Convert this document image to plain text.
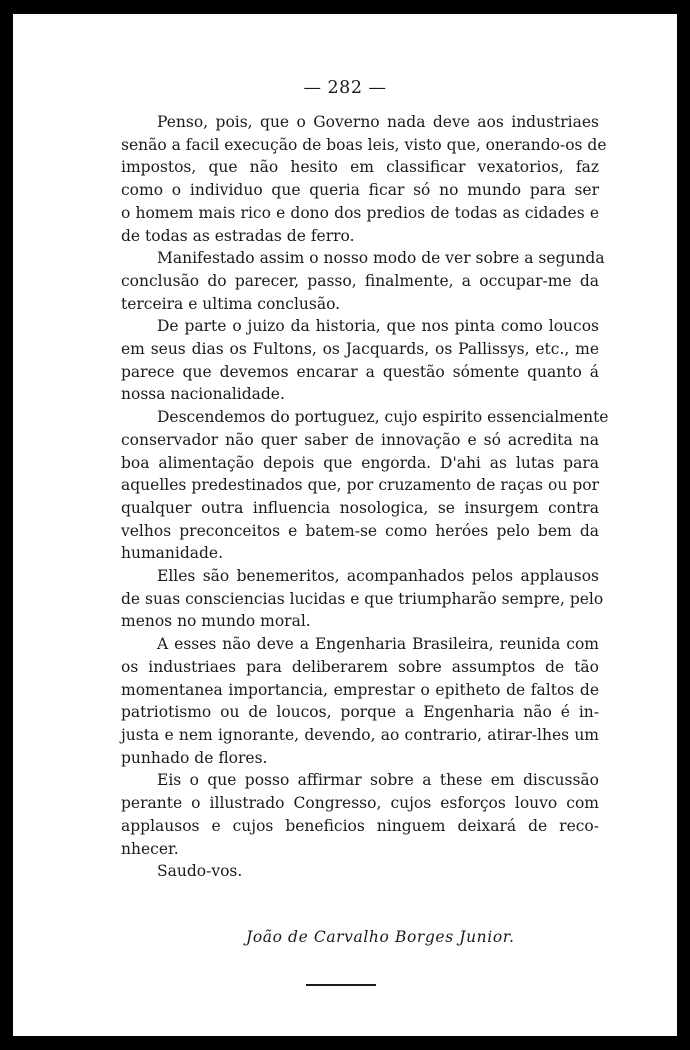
— 282 —

Penso, pois, que o Governo nada deve aos industriaes
senão a facil execução de boas leis, visto que, onerando-os de
impostos, que não hesito em classificar vexatorios, faz
como o individuo que queria ficar só no mundo para ser
o homem mais rico e dono dos predios de todas as cidades e
de todas as estradas de ferro.

Manifestado assim o nosso modo de ver sobre a segunda
conclusão do parecer, passo, finalmente, a occupar-me da
terceira e ultima conclusão.

De parte o juizo da historia, que nos pinta como loucos
em seus dias os Fultons, os Jacquards, os Pallissys, etc., me
parece que devemos encarar a questão sómente quanto á
nossa nacionalidade.

Descendemos do portuguez, cujo espirito essencialmente
conservador não quer saber de innovação e só acredita na
boa alimentação depois que engorda. D'ahi as lutas para
aquelles predestinados que, por cruzamento de raças ou por
qualquer outra influencia nosologica, se insurgem contra
velhos preconceitos e batem-se como heróes pelo bem da
humanidade.

Elles são benemeritos, acompanhados pelos applausos
de suas consciencias lucidas e que triumpharão sempre, pelo
menos no mundo moral.

A esses não deve a Engenharia Brasileira, reunida com
os industriaes para deliberarem sobre assumptos de tão
momentanea importancia, emprestar o epitheto de faltos de
patriotismo ou de loucos, porque a Engenharia não é in-
justa e nem ignorante, devendo, ao contrario, atirar-lhes um
punhado de flores.

Eis o que posso affirmar sobre a these em discussão
perante o illustrado Congresso, cujos esforços louvo com
applausos e cujos beneficios ninguem deixará de reco-
nhecer.

Saudo-vos.

João de Carvalho Borges Junior.
